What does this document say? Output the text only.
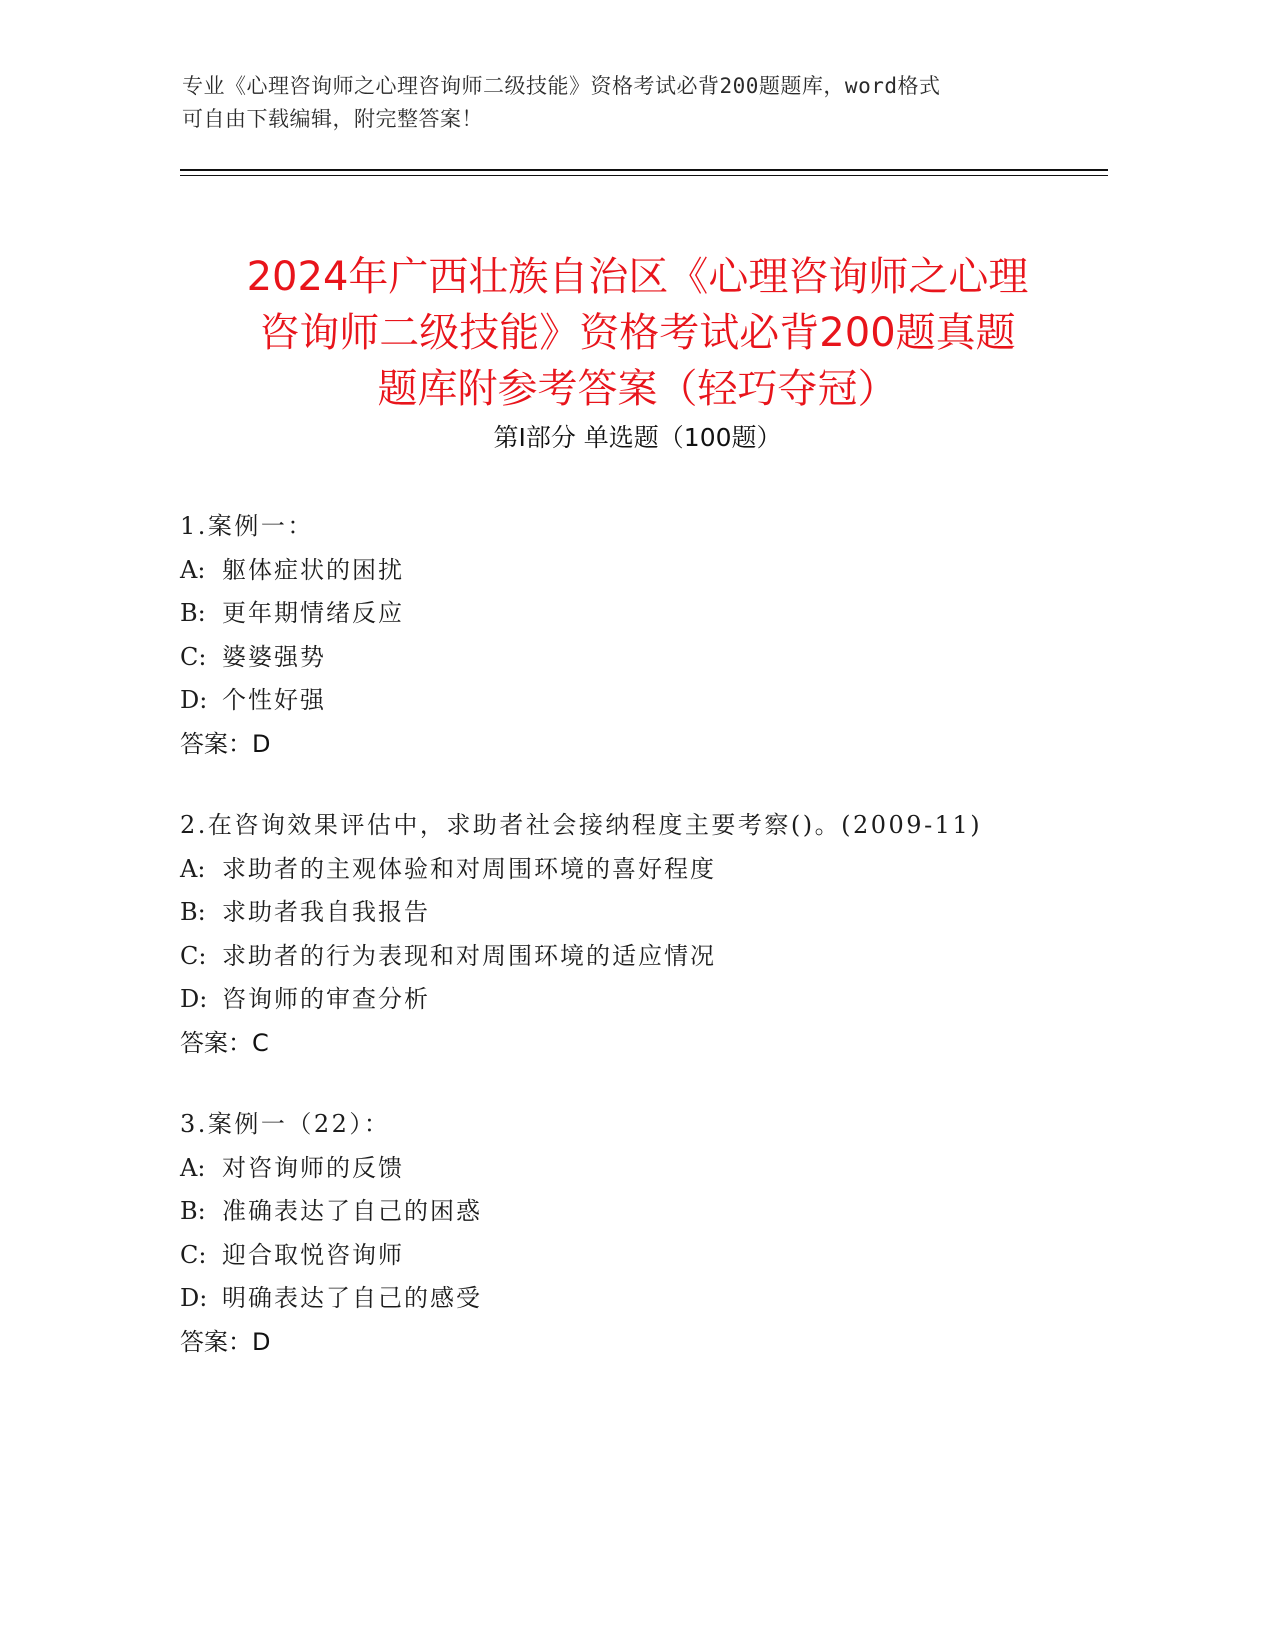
专业《心理咨询师之心理咨询师二级技能》资格考试必背200题题库，word格式
可自由下载编辑，附完整答案！
2024年广西壮族自治区《心理咨询师之心理
咨询师二级技能》资格考试必背200题真题
题库附参考答案（轻巧夺冠）
第Ⅰ部分 单选题（100题）
1.案例一：
A: 躯体症状的困扰
B: 更年期情绪反应
C: 婆婆强势
D: 个性好强
答案：D
2.在咨询效果评估中，求助者社会接纳程度主要考察()。(2009-11)
A: 求助者的主观体验和对周围环境的喜好程度
B: 求助者我自我报告
C: 求助者的行为表现和对周围环境的适应情况
D: 咨询师的审查分析
答案：C
3.案例一（22）：
A: 对咨询师的反馈
B: 准确表达了自己的困惑
C: 迎合取悦咨询师
D: 明确表达了自己的感受
答案：D
